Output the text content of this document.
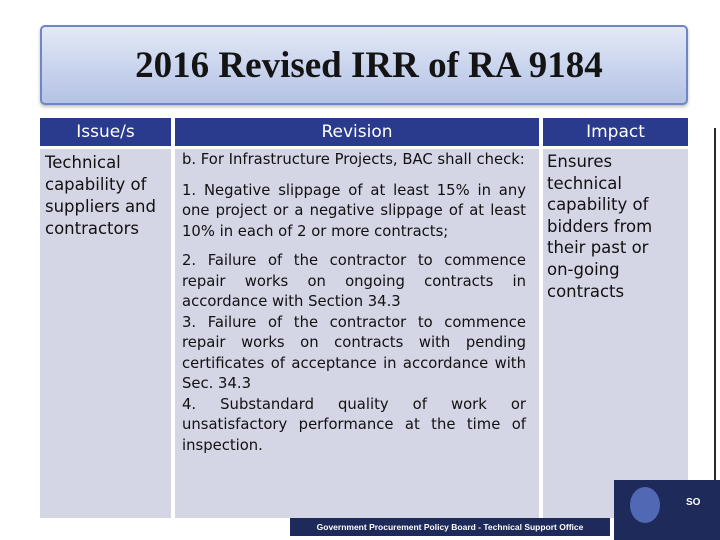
2016 Revised IRR of RA 9184
Issue/s	Revision	Impact
Technical
capability of
suppliers and
contractors

b. For Infrastructure Projects, BAC shall check:

1. Negative slippage of at least 15% in any one project or a negative slippage of at least 10% in each of 2 or more contracts;

2. Failure of the contractor to commence repair works on ongoing contracts in accordance with Section 34.3

3. Failure of the contractor to commence repair works on contracts with pending certificates of acceptance in accordance with Sec. 34.3

4. Substandard quality of work or unsatisfactory performance at the time of inspection.

Ensures
technical
capability of
bidders from
their past or
on-going
contracts
Government Procurement Policy Board - Technical Support Office
SO
